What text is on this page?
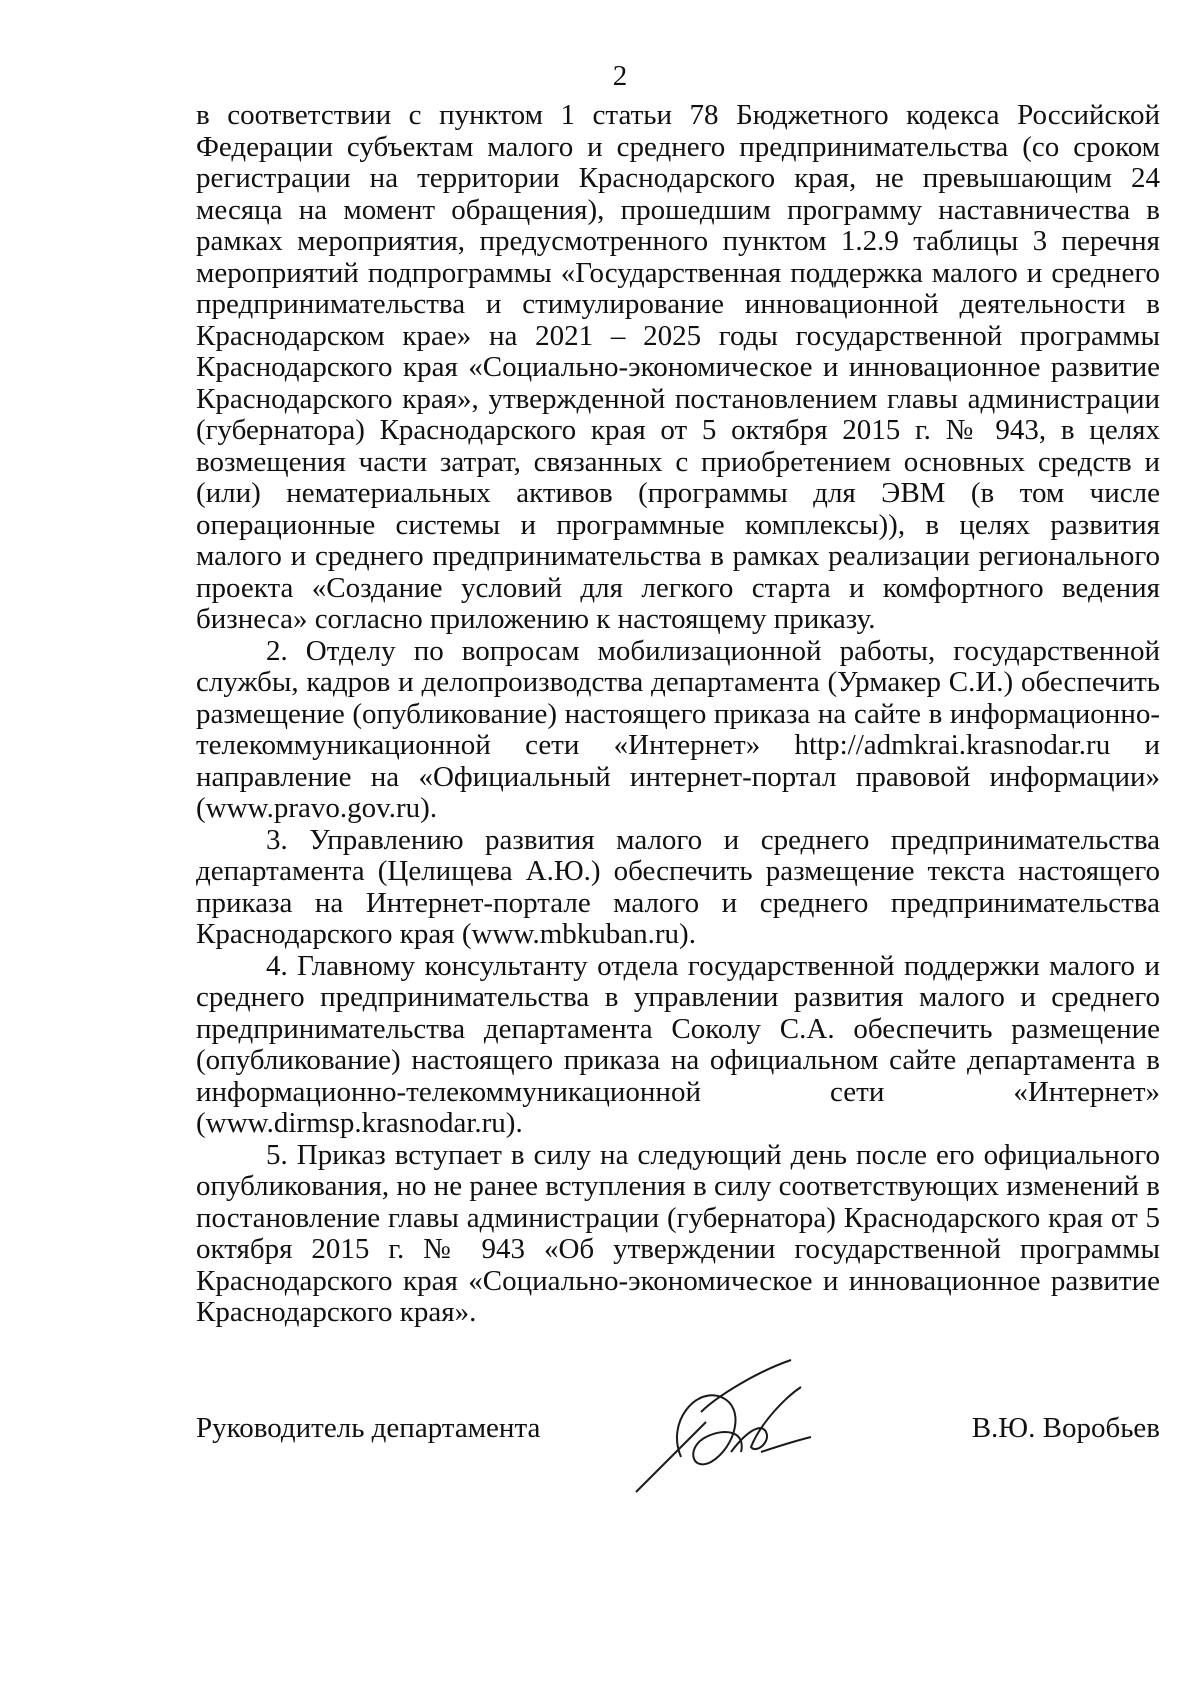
2

в соответствии с пунктом 1 статьи 78 Бюджетного кодекса Российской Федерации субъектам малого и среднего предпринимательства (со сроком регистрации на территории Краснодарского края, не превышающим 24 месяца на момент обращения), прошедшим программу наставничества в рамках мероприятия, предусмотренного пунктом 1.2.9 таблицы 3 перечня мероприятий подпрограммы «Государственная поддержка малого и среднего предпринимательства и стимулирование инновационной деятельности в Краснодарском крае» на 2021 – 2025 годы государственной программы Краснодарского края «Социально-экономическое и инновационное развитие Краснодарского края», утвержденной постановлением главы администрации (губернатора) Краснодарского края от 5 октября 2015 г. № 943, в целях возмещения части затрат, связанных с приобретением основных средств и (или) нематериальных активов (программы для ЭВМ (в том числе операционные системы и программные комплексы)), в целях развития малого и среднего предпринимательства в рамках реализации регионального проекта «Создание условий для легкого старта и комфортного ведения бизнеса» согласно приложению к настоящему приказу.

2. Отделу по вопросам мобилизационной работы, государственной службы, кадров и делопроизводства департамента (Урмакер С.И.) обеспечить размещение (опубликование) настоящего приказа на сайте в информационно-телекоммуникационной сети «Интернет» http://admkrai.krasnodar.ru и направление на «Официальный интернет-портал правовой информации» (www.pravo.gov.ru).

3. Управлению развития малого и среднего предпринимательства департамента (Целищева А.Ю.) обеспечить размещение текста настоящего приказа на Интернет-портале малого и среднего предпринимательства Краснодарского края (www.mbkuban.ru).

4. Главному консультанту отдела государственной поддержки малого и среднего предпринимательства в управлении развития малого и среднего предпринимательства департамента Соколу С.А. обеспечить размещение (опубликование) настоящего приказа на официальном сайте департамента в информационно-телекоммуникационной сети «Интернет» (www.dirmsp.krasnodar.ru).

5. Приказ вступает в силу на следующий день после его официального опубликования, но не ранее вступления в силу соответствующих изменений в постановление главы администрации (губернатора) Краснодарского края от 5 октября 2015 г. № 943 «Об утверждении государственной программы Краснодарского края «Социально-экономическое и инновационное развитие Краснодарского края».

Руководитель департамента	В.Ю. Воробьев
